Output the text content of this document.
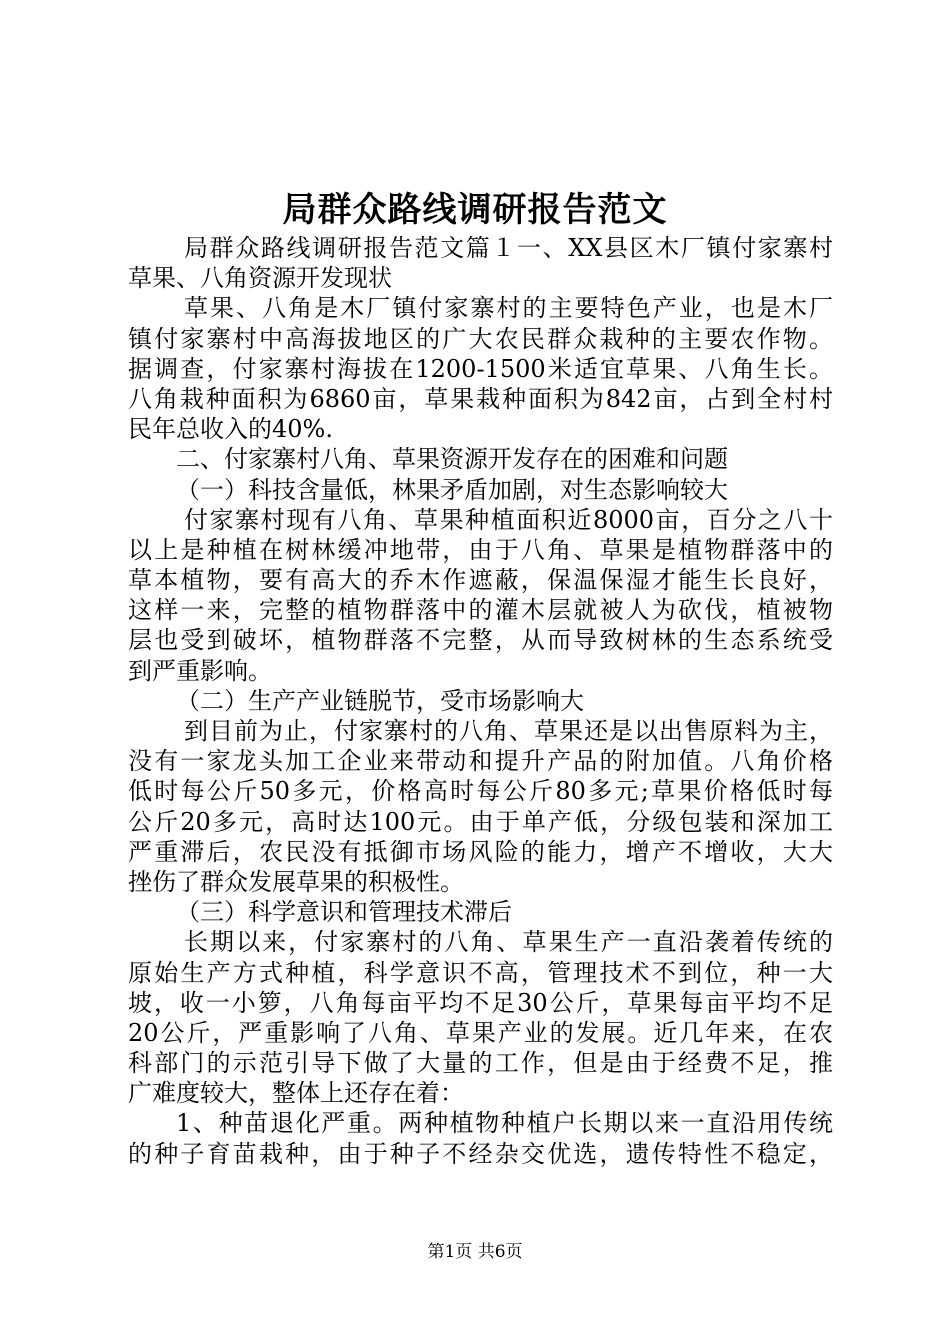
局群众路线调研报告范文
局群众路线调研报告范文篇１一、XX县区木厂镇付家寨村
草果、八角资源开发现状
草果、八角是木厂镇付家寨村的主要特色产业，也是木厂
镇付家寨村中高海拔地区的广大农民群众栽种的主要农作物。
据调查，付家寨村海拔在1200-1500米适宜草果、八角生长。
八角栽种面积为6860亩，草果栽种面积为842亩，占到全村村
民年总收入的40%.
二、付家寨村八角、草果资源开发存在的困难和问题
（一）科技含量低，林果矛盾加剧，对生态影响较大
付家寨村现有八角、草果种植面积近8000亩，百分之八十
以上是种植在树林缓冲地带，由于八角、草果是植物群落中的
草本植物，要有高大的乔木作遮蔽，保温保湿才能生长良好，
这样一来，完整的植物群落中的灌木层就被人为砍伐，植被物
层也受到破坏，植物群落不完整，从而导致树林的生态系统受
到严重影响。
（二）生产产业链脱节，受市场影响大
到目前为止，付家寨村的八角、草果还是以出售原料为主，
没有一家龙头加工企业来带动和提升产品的附加值。八角价格
低时每公斤50多元，价格高时每公斤80多元;草果价格低时每
公斤20多元，高时达100元。由于单产低，分级包装和深加工
严重滞后，农民没有抵御市场风险的能力，增产不增收，大大
挫伤了群众发展草果的积极性。
（三）科学意识和管理技术滞后
长期以来，付家寨村的八角、草果生产一直沿袭着传统的
原始生产方式种植，科学意识不高，管理技术不到位，种一大
坡，收一小箩，八角每亩平均不足30公斤，草果每亩平均不足
20公斤，严重影响了八角、草果产业的发展。近几年来，在农
科部门的示范引导下做了大量的工作，但是由于经费不足，推
广难度较大，整体上还存在着：
1、种苗退化严重。两种植物种植户长期以来一直沿用传统
的种子育苗栽种，由于种子不经杂交优选，遗传特性不稳定，
第1页 共6页
